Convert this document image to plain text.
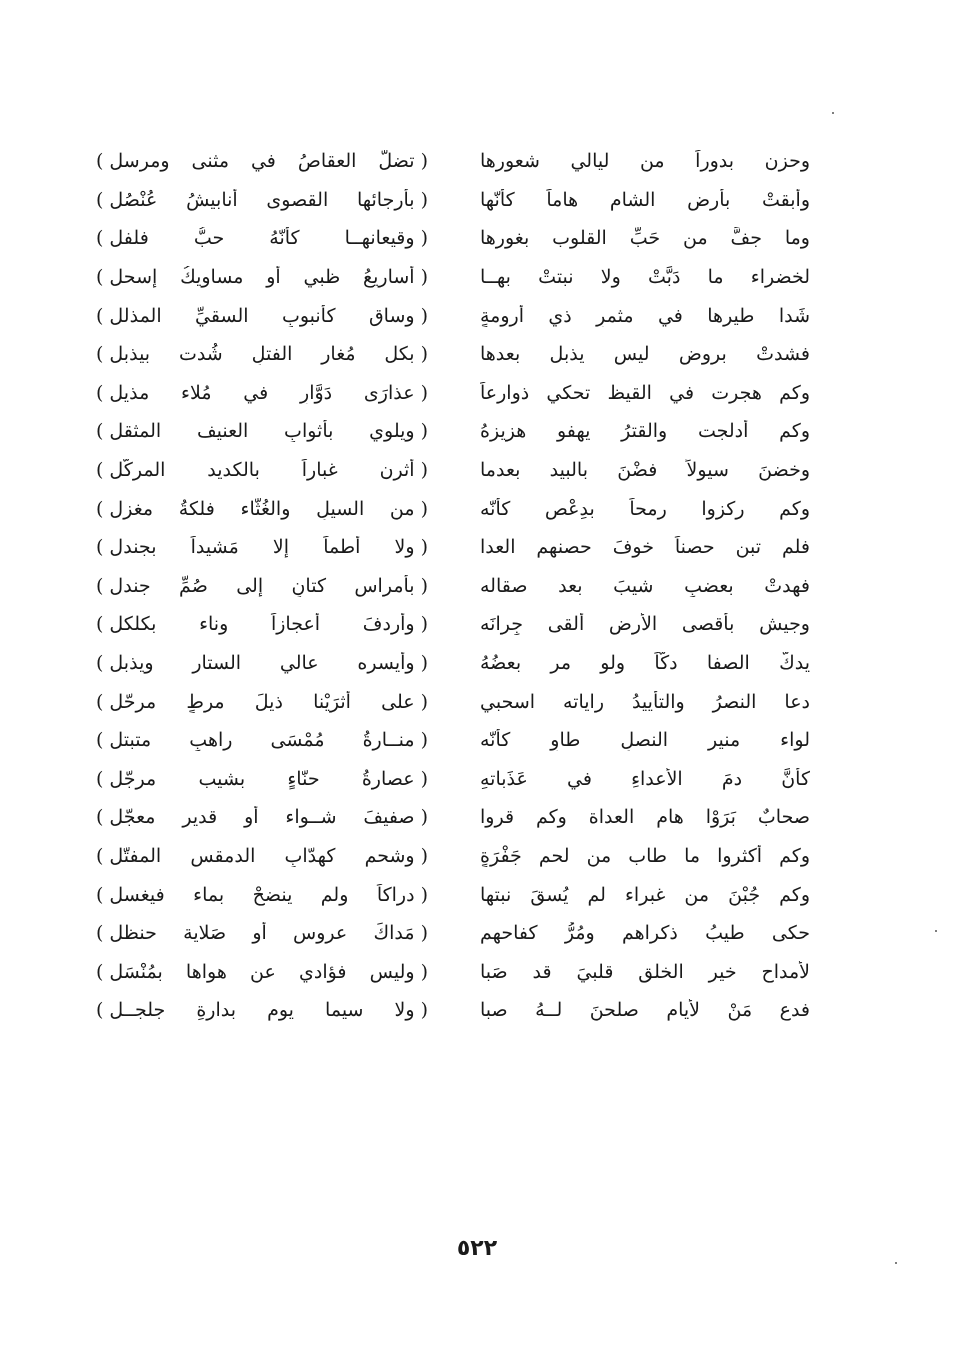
وحزن بدوراً من ليالي شعورها
(
تضلُّ العقاصُ في مثنى ومرسل
)
وأبقتْ بأرضِ الشام هاماً كأنّها
(
بأرجائها القصوى أنابيشُ عُنْصُل
)
وما جفَّ من حَبِّ القلوب بغورها
(
وقيعانهــا كأنّهُ حبُّ فلفل
)
لخضراء ما دَبَّتْ ولا نبتتْ بهــا
(
أساريعُ ظبيٍ أو مساويكُ إسحل
)
شَدا طيرها في مثمرٍ ذي أرومةٍ
(
وساقٍ كأنبوبِ السقيِّ المذلل
)
فشدتْ بروضٍ ليس يذبل بعدها
(
بكل مُغار الفتلِ شُدت بيذبل
)
وكم هجرت في القيظ تحكي ذوارعاً
(
عذارَى دَوَّارٍ في مُلاء مذيل
)
وكم أدلجت والقترُ يهفو هزيزهُ
(
ويلوي بأثوابِ العنيف المثقل
)
وخضنَ سيولاً فضْنَ بالبيد بعدما
(
أثرن غباراً بالكديد المركّل
)
وكم ركزوا رمحاً بدِعْصٍ كأنّه
(
من السيلِ والغُثّاء فلكةُ مغزل
)
فلم تبنِ حصناً خوفَ حصنهم العدا
(
ولا أطماً إلا مَشيداً بجندل
)
فهدتْ بعضبٍ شيبَ بعد صقاله
(
بأمراسِ كتانٍ إلى صُمِّ جندل
)
وجيشٍ بأقصى الأرضِ ألقى جِرانَه
(
وأردفَ أعجازاً وناء بكلكل
)
يدكُّ الصفا دكّاً ولو مر بعضُهُ
(
وأيسره عالي الستارِ ويذبل
)
دعا النصرُ والتأييدُ راياته اسحبي
(
على أثرَيْنا ذيلَ مرطٍ مرحّل
)
لواء منير النصلِ طاوٍ كأنّه
(
منــارةُ مُمْسَى راهبٍ متبتل
)
كأنَّ دمَ الأعداءِ في عَذَباتهِ
(
عصارةُ حنّاءٍ بشيب مرجّل
)
صحابٌ بَرَوْا هام العداة وكم قروا
(
صفيفَ شــواء أو قدير معجّل
)
وكم أكثروا ما طاب من لحمِ جَفْرَةٍ
(
وشحمٍ كهدّابِ الدمقسِ المفتّل
)
وكم جُبْنَ من غبراء لم يُسقَ نبتها
(
دراكاً ولم ينضحْ بماء فيغسل
)
حكى طيبُ ذكراهم ومُرُّ كفاحهم
(
مَداكَ عروسٍ أو صَلاية حنظل
)
لأمداحِ خيرِ الخلق قلبيَ قد صَبا
(
وليس فؤادي عن هواها بمُنْسَل
)
فدع مَنْ لأيامٍ صلحنَ لــهُ صبا
(
ولا سيما يومٍ بدارةِ جلجــل
)
٥٢٢
